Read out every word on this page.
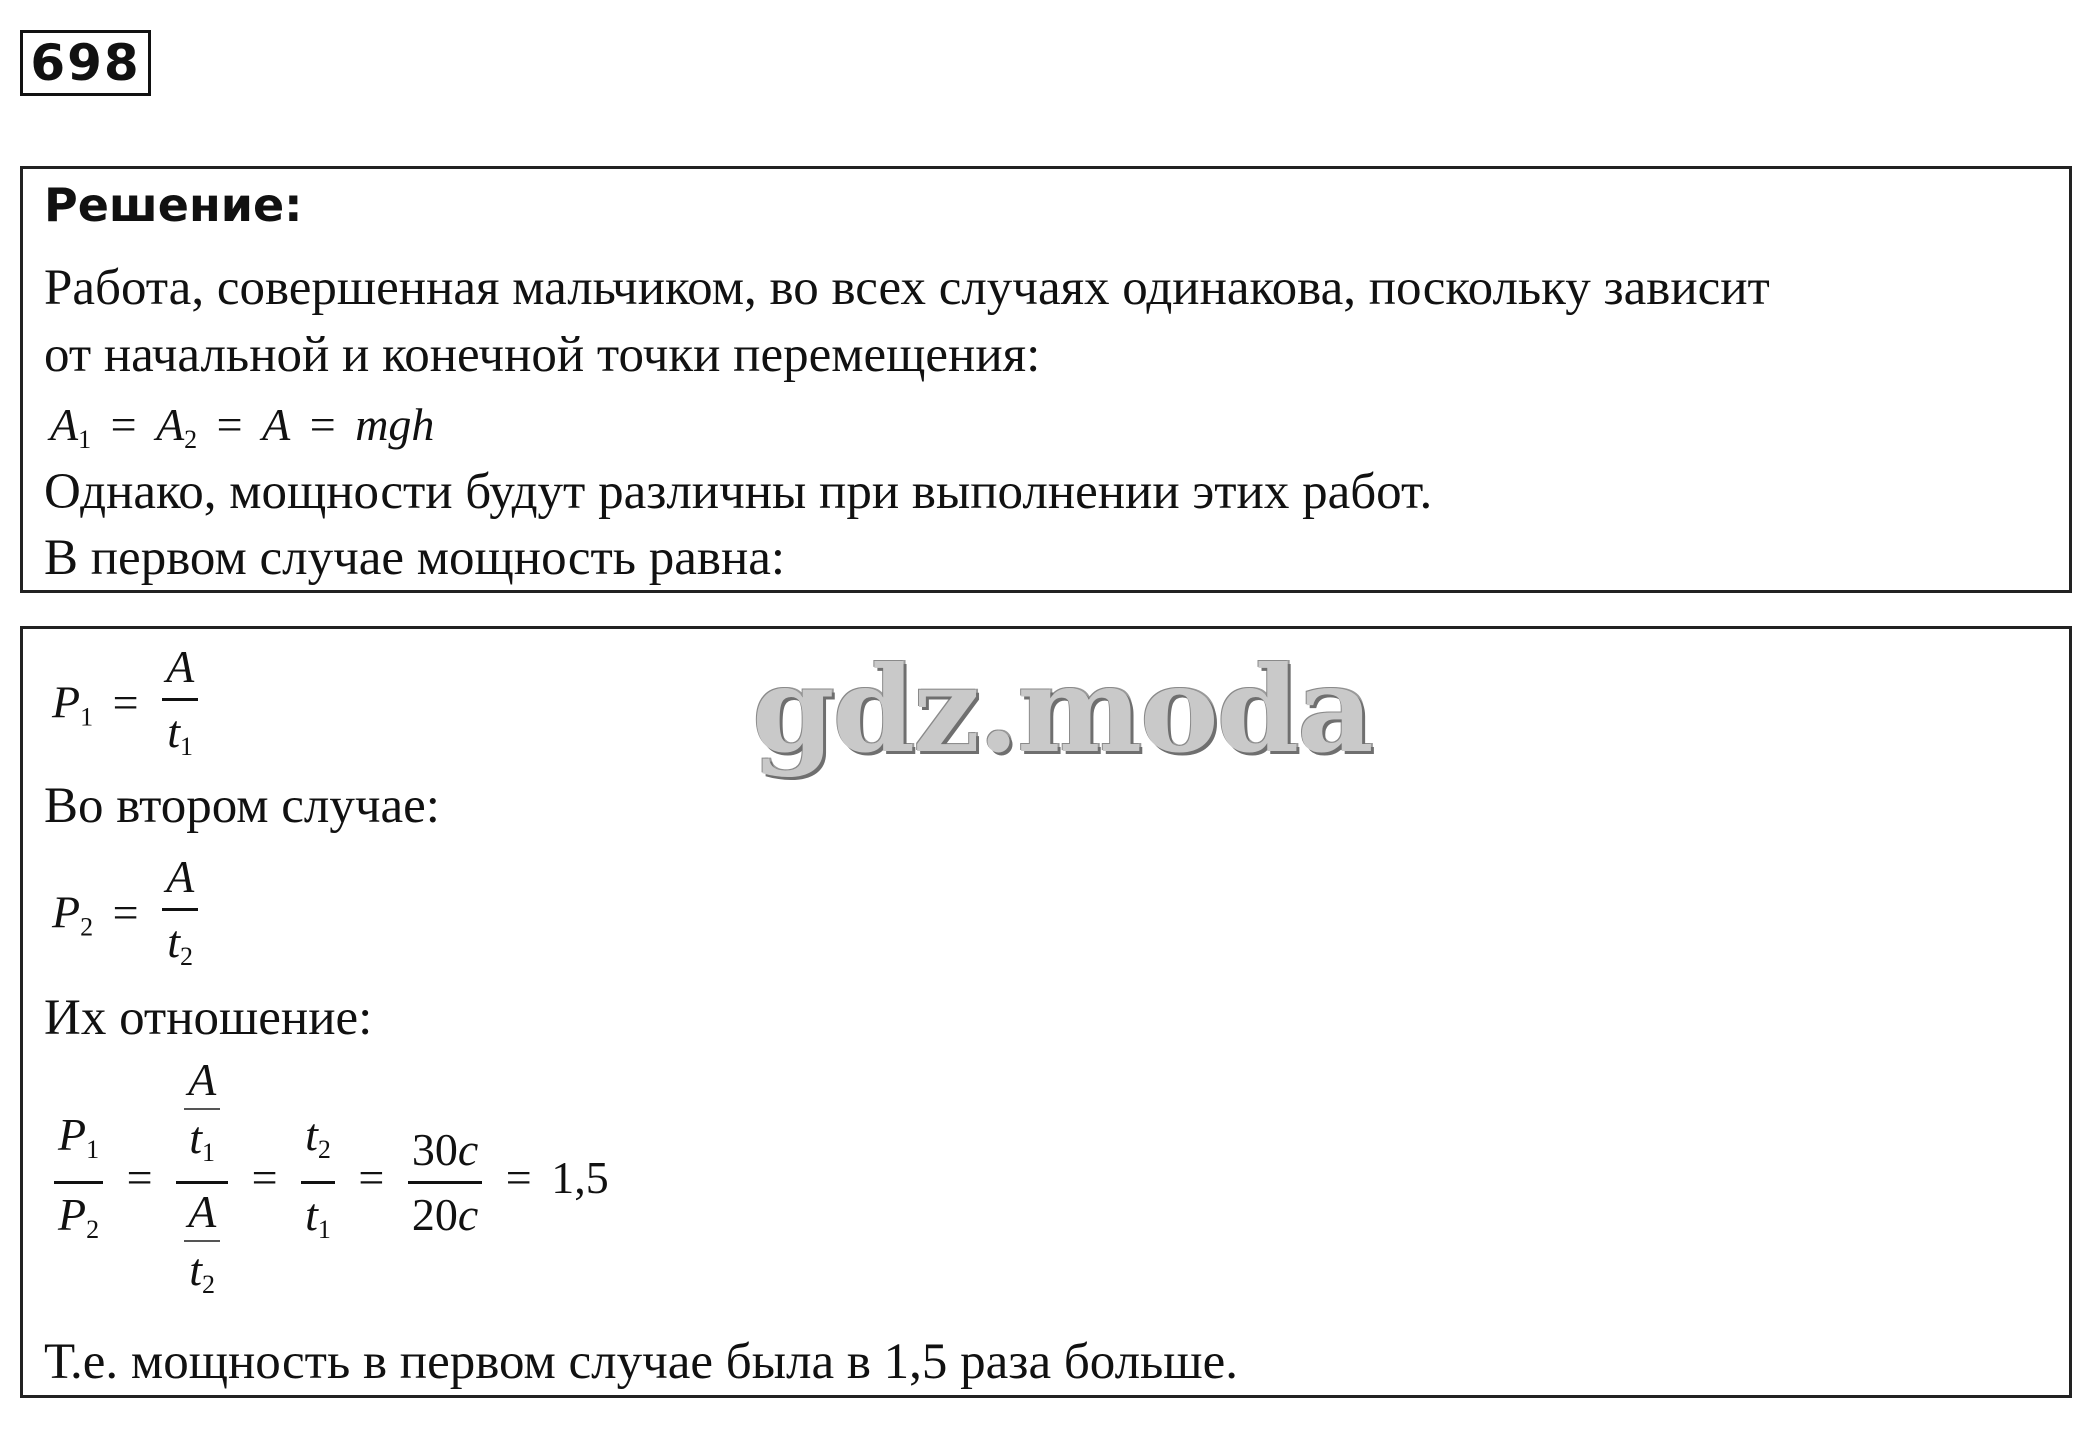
698
Решение:
Работа, совершенная мальчиком, во всех случаях одинакова, поскольку зависит
от начальной и конечной точки перемещения:
$A_1 = A_2 = A$ = mgh
Однако, мощности будут различны при выполнении этих работ.
В первом случае мощность равна:
gdz.moda
$P_1 = \frac{A}{t_1}$
Во втором случае:
$P_2 = \frac{A}{t_2}$
Их отношение:
$\frac{P_1}{P_2} = \frac{\frac{A}{t_1}}{\frac{A}{t_2}} = \frac{t_2}{t_1} = \frac{30c}{20c} = 1,5$
Т.е. мощность в первом случае была в 1,5 раза больше.
